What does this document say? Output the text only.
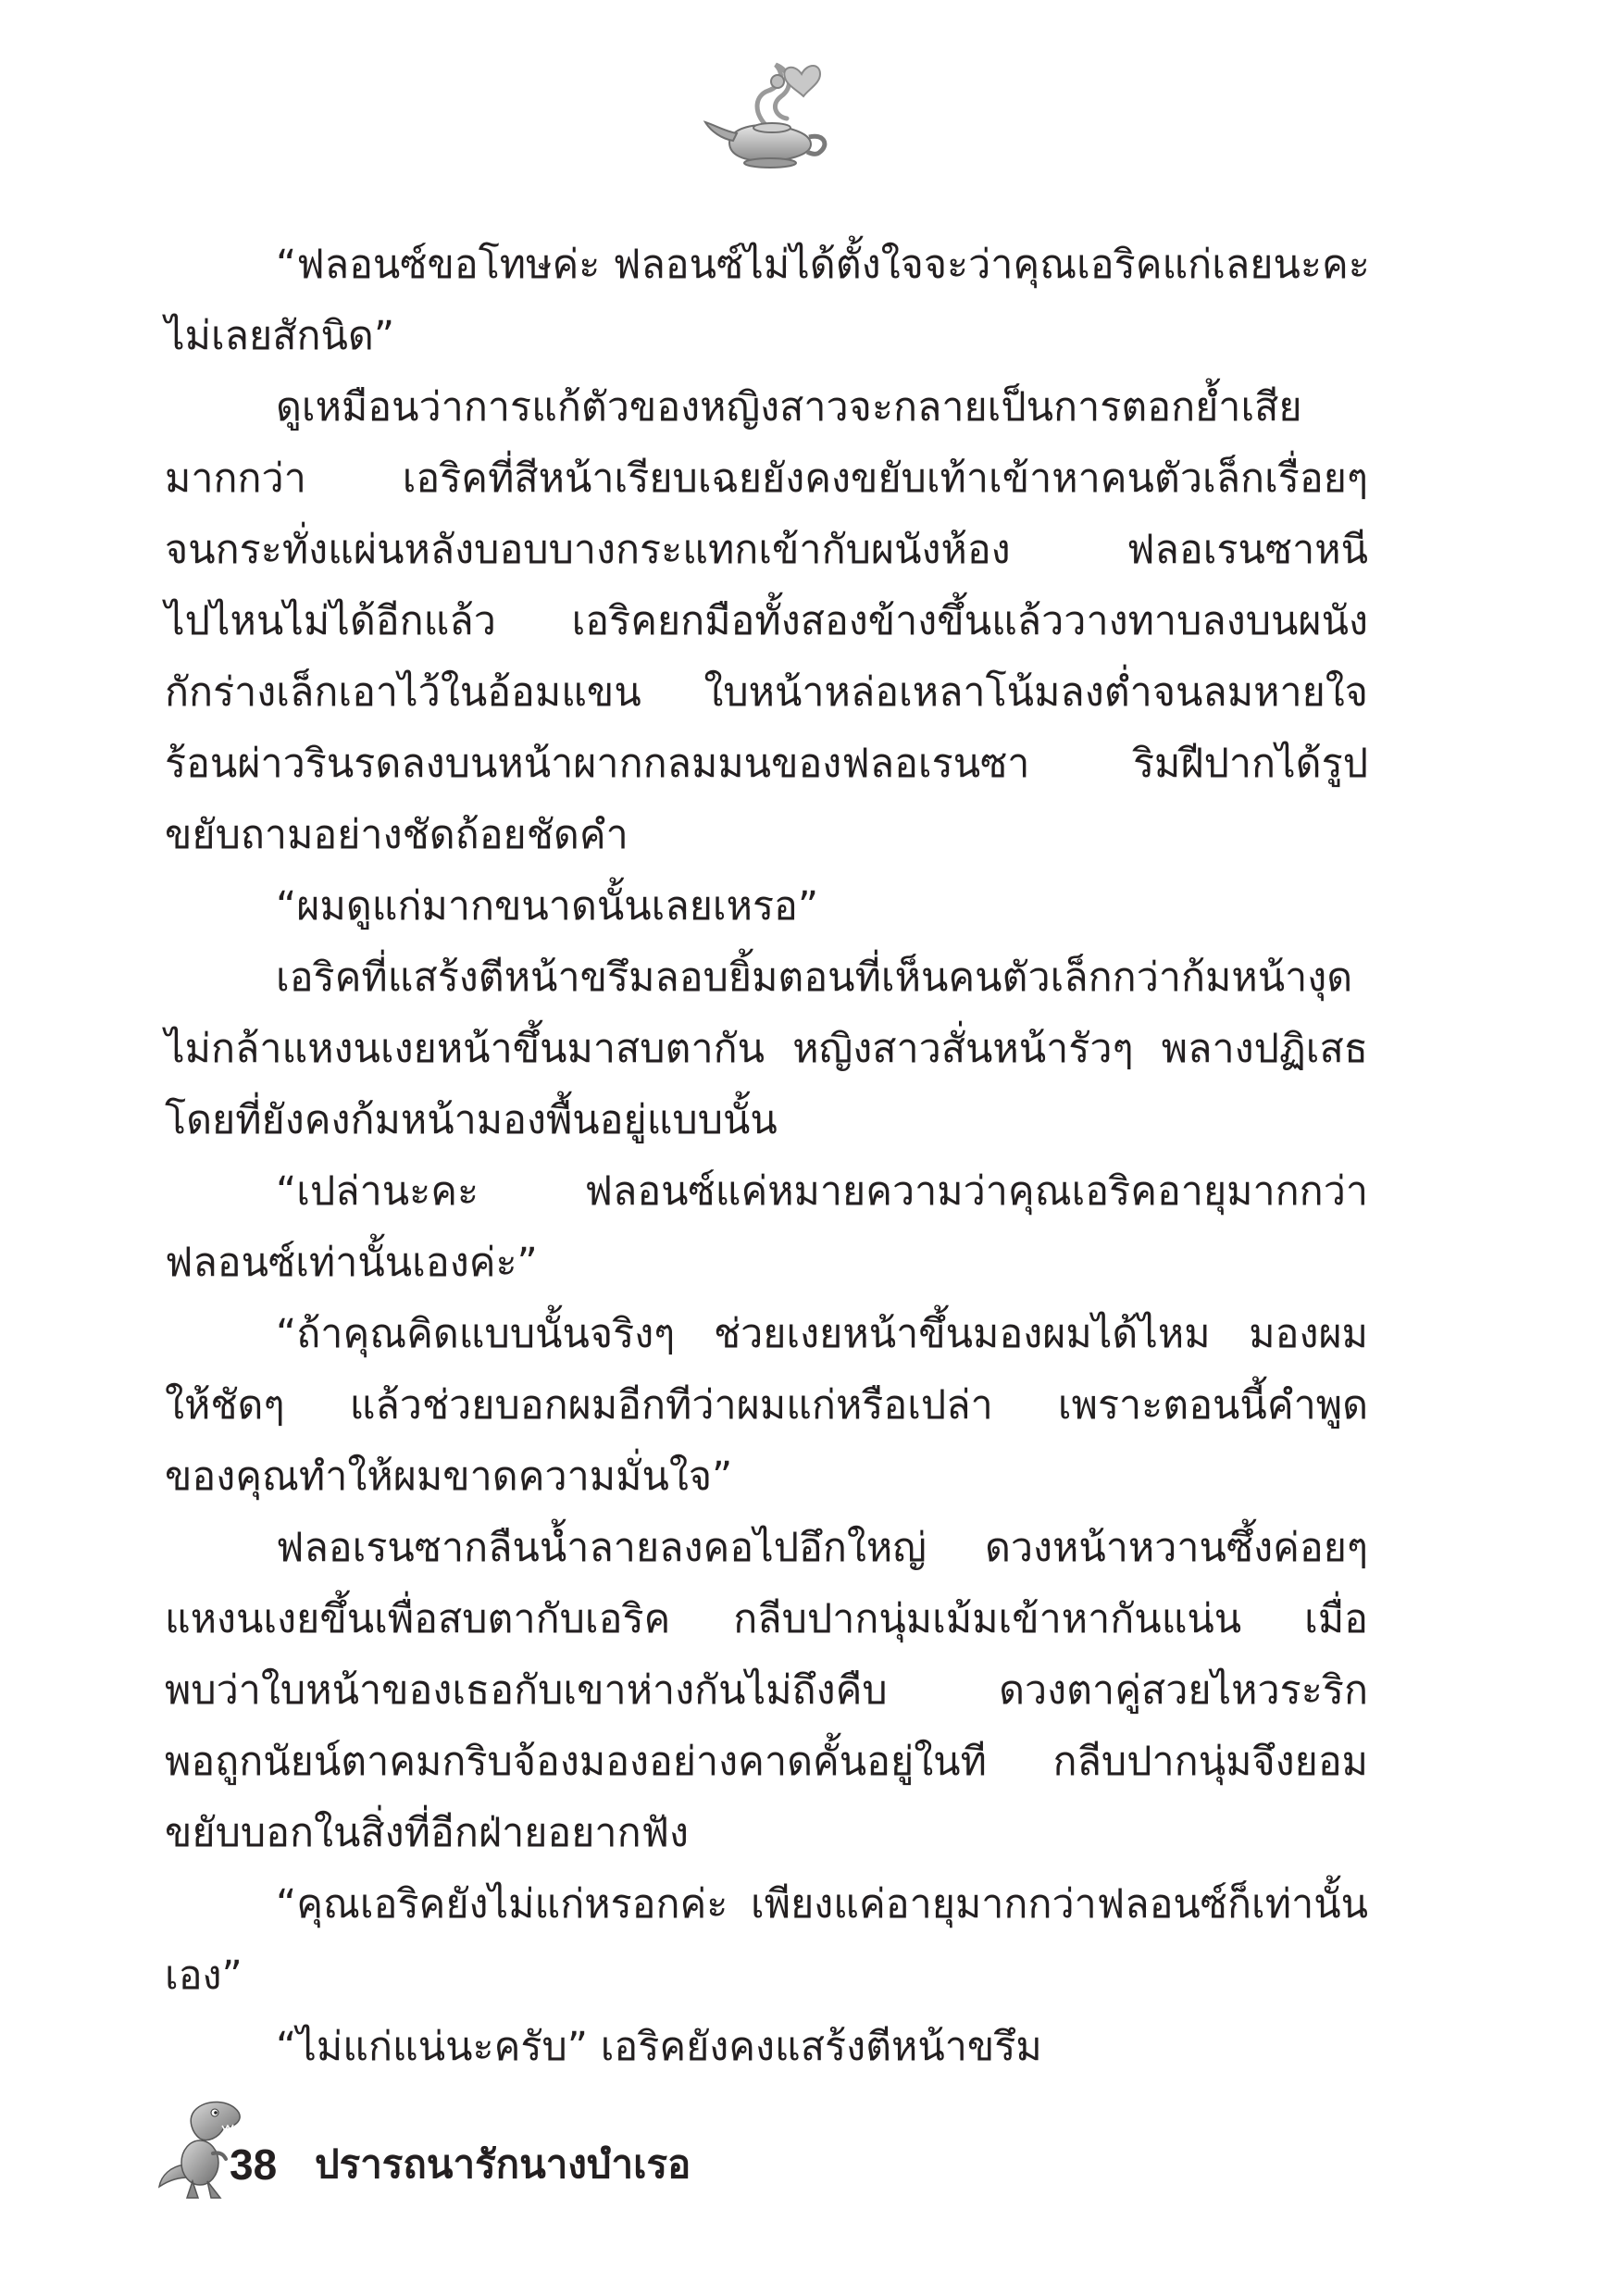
“ฟลอนซ์ขอโทษค่ะ ฟลอนซ์ไม่ได้ตั้งใจจะว่าคุณเอริคแก่เลยนะคะ
ไม่เลยสักนิด”
ดูเหมือนว่าการแก้ตัวของหญิงสาวจะกลายเป็นการตอกย้ำเสีย
มากกว่า เอริคที่สีหน้าเรียบเฉยยังคงขยับเท้าเข้าหาคนตัวเล็กเรื่อยๆ
จนกระทั่งแผ่นหลังบอบบางกระแทกเข้ากับผนังห้อง ฟลอเรนซาหนี
ไปไหนไม่ได้อีกแล้ว เอริคยกมือทั้งสองข้างขึ้นแล้ววางทาบลงบนผนัง
กักร่างเล็กเอาไว้ในอ้อมแขน ใบหน้าหล่อเหลาโน้มลงต่ำจนลมหายใจ
ร้อนผ่าวรินรดลงบนหน้าผากกลมมนของฟลอเรนซา ริมฝีปากได้รูป
ขยับถามอย่างชัดถ้อยชัดคำ
“ผมดูแก่มากขนาดนั้นเลยเหรอ”
เอริคที่แสร้งตีหน้าขรึมลอบยิ้มตอนที่เห็นคนตัวเล็กกว่าก้มหน้างุด
ไม่กล้าแหงนเงยหน้าขึ้นมาสบตากัน หญิงสาวสั่นหน้ารัวๆ พลางปฏิเสธ
โดยที่ยังคงก้มหน้ามองพื้นอยู่แบบนั้น
“เปล่านะคะ ฟลอนซ์แค่หมายความว่าคุณเอริคอายุมากกว่า
ฟลอนซ์เท่านั้นเองค่ะ”
“ถ้าคุณคิดแบบนั้นจริงๆ ช่วยเงยหน้าขึ้นมองผมได้ไหม มองผม
ให้ชัดๆ แล้วช่วยบอกผมอีกทีว่าผมแก่หรือเปล่า เพราะตอนนี้คำพูด
ของคุณทำให้ผมขาดความมั่นใจ”
ฟลอเรนซากลืนน้ำลายลงคอไปอึกใหญ่ ดวงหน้าหวานซึ้งค่อยๆ
แหงนเงยขึ้นเพื่อสบตากับเอริค กลีบปากนุ่มเม้มเข้าหากันแน่น เมื่อ
พบว่าใบหน้าของเธอกับเขาห่างกันไม่ถึงคืบ ดวงตาคู่สวยไหวระริก
พอถูกนัยน์ตาคมกริบจ้องมองอย่างคาดคั้นอยู่ในที กลีบปากนุ่มจึงยอม
ขยับบอกในสิ่งที่อีกฝ่ายอยากฟัง
“คุณเอริคยังไม่แก่หรอกค่ะ เพียงแค่อายุมากกว่าฟลอนซ์ก็เท่านั้น
เอง”
“ไม่แก่แน่นะครับ” เอริคยังคงแสร้งตีหน้าขรึม
38 ปรารถนารักนางบำเรอ
